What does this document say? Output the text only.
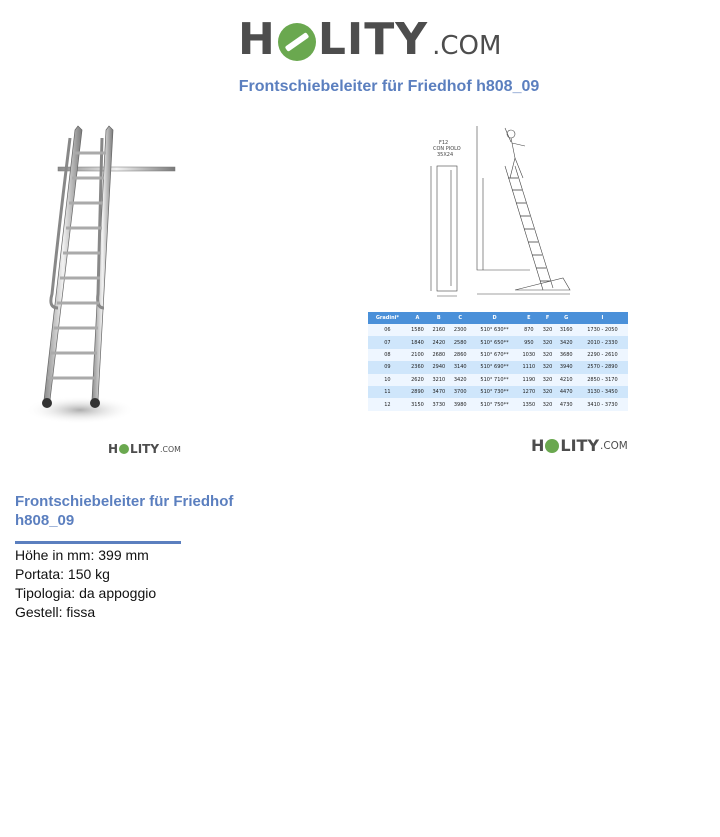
H LITY .COM
Frontschiebeleiter für Friedhof h808_09
H LITY .COM
F12
CON PIOLO
35X24
Gradini*	A	B	C	D	E	F	G	I
06	1580	2160	2300	510° 630**	870	320	3160	1730 - 2050
07	1840	2420	2580	510° 650**	950	320	3420	2010 - 2330
08	2100	2680	2860	510° 670**	1030	320	3680	2290 - 2610
09	2360	2940	3140	510° 690**	1110	320	3940	2570 - 2890
10	2620	3210	3420	510° 710**	1190	320	4210	2850 - 3170
11	2890	3470	3700	510° 730**	1270	320	4470	3130 - 3450
12	3150	3730	3980	510° 750**	1350	320	4730	3410 - 3730
H LITY .COM
Frontschiebeleiter für Friedhof h808_09
Höhe in mm: 399 mm
Portata: 150 kg
Tipologia: da appoggio
Gestell: fissa
